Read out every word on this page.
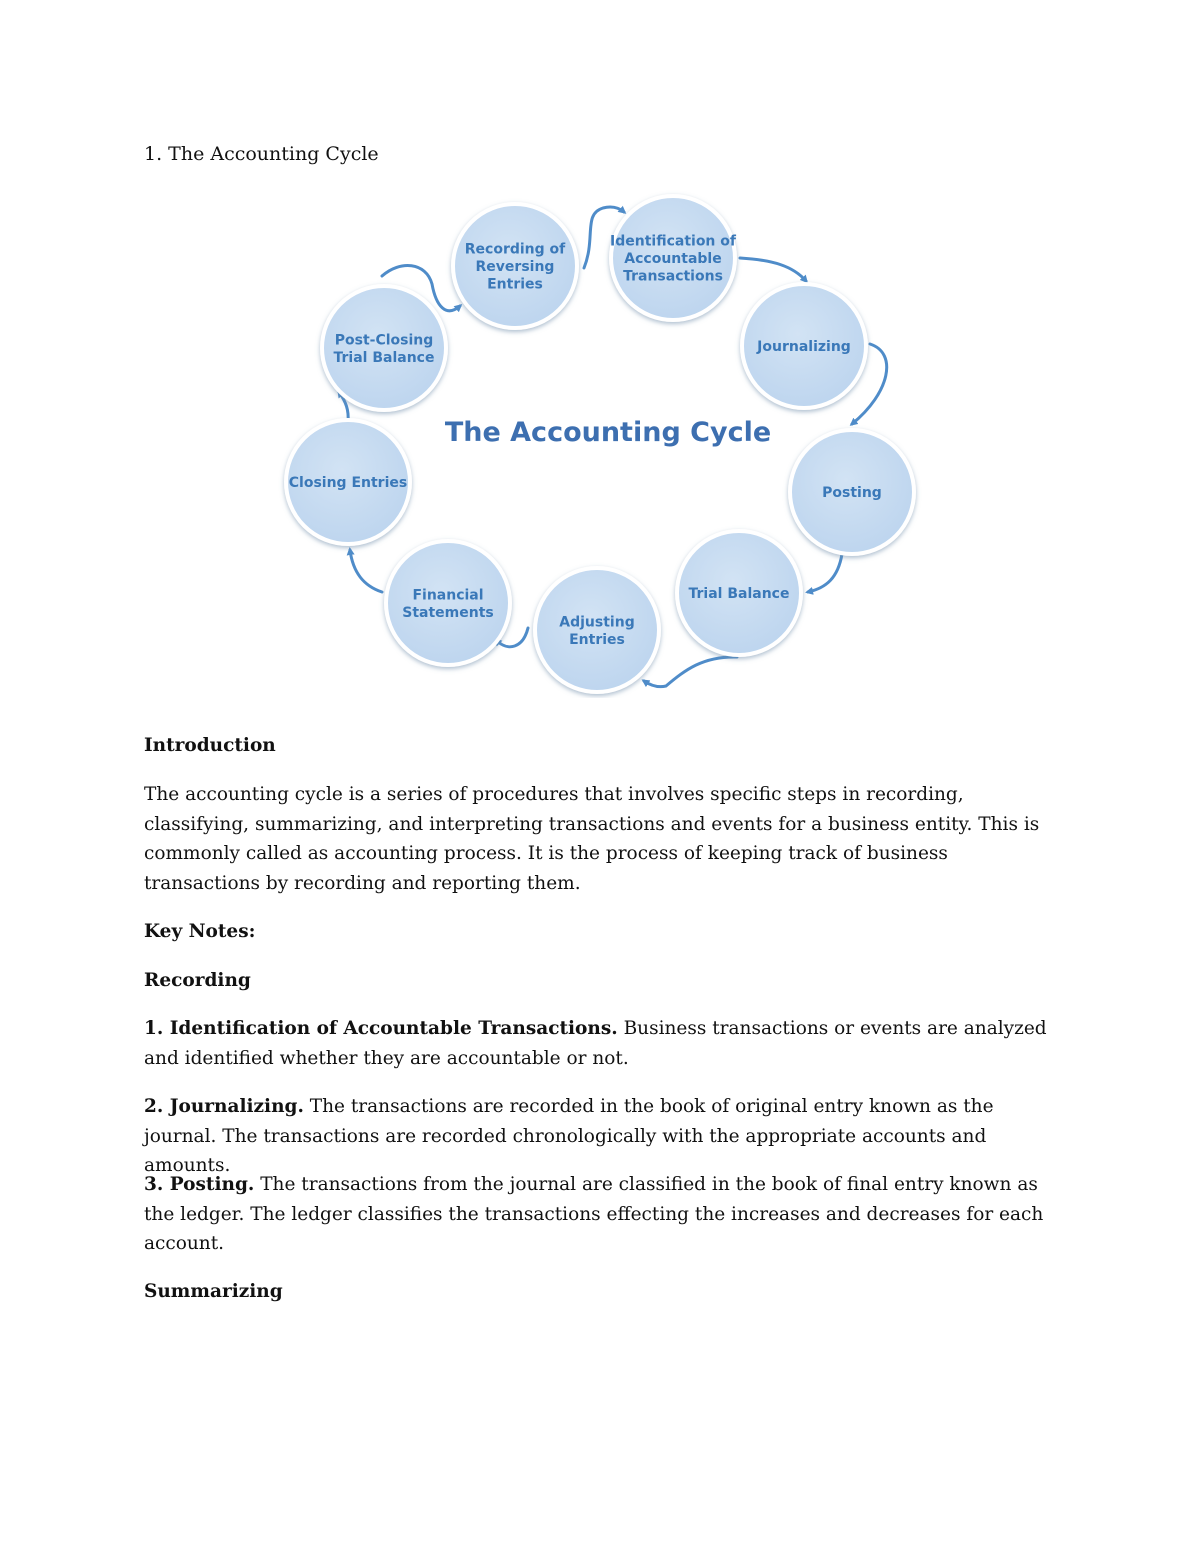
1. The Accounting Cycle

Identification of
Accountable
Transactions
Journalizing
Posting
Trial Balance
Adjusting
Entries
Financial
Statements
Closing Entries
Post-Closing
Trial Balance
Recording of
Reversing
Entries
The Accounting Cycle

Introduction

The accounting cycle is a series of procedures that involves specific steps in recording, classifying, summarizing, and interpreting transactions and events for a business entity. This is commonly called as accounting process. It is the process of keeping track of business transactions by recording and reporting them.

Key Notes:

Recording

1. Identification of Accountable Transactions. Business transactions or events are analyzed and identified whether they are accountable or not.

2. Journalizing. The transactions are recorded in the book of original entry known as the journal. The transactions are recorded chronologically with the appropriate accounts and amounts.

3. Posting. The transactions from the journal are classified in the book of final entry known as the ledger. The ledger classifies the transactions effecting the increases and decreases for each account.

Summarizing
